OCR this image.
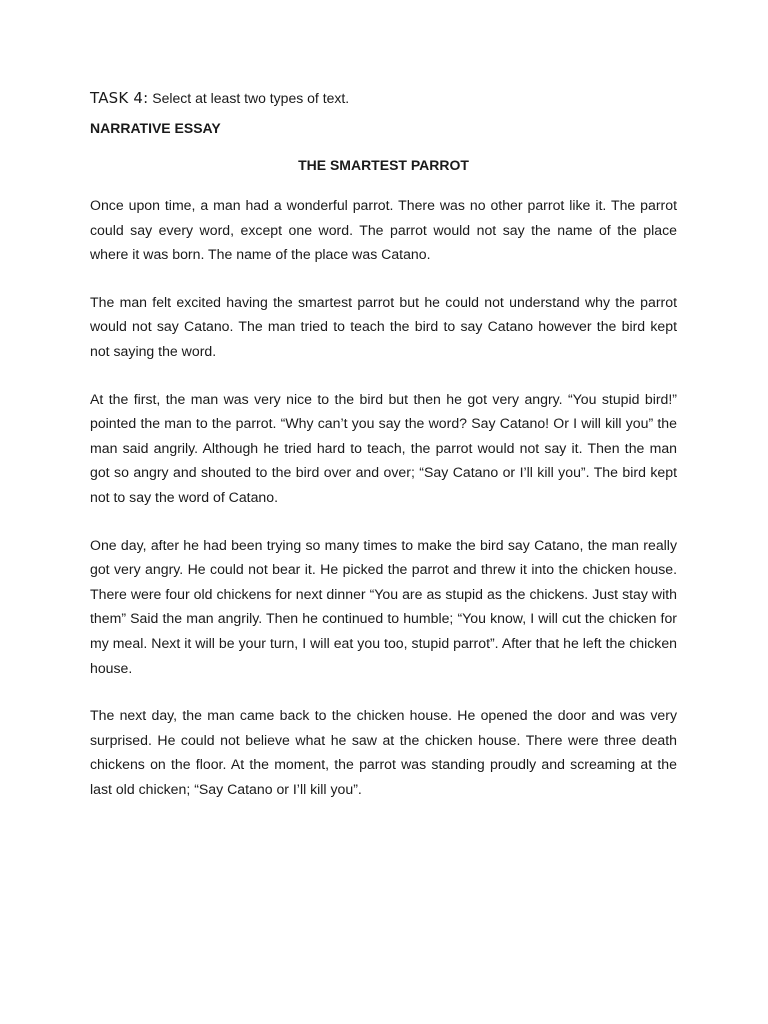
TASK 4: Select at least two types of text.

NARRATIVE ESSAY

THE SMARTEST PARROT

Once upon time, a man had a wonderful parrot. There was no other parrot like it. The parrot could say every word, except one word. The parrot would not say the name of the place where it was born. The name of the place was Catano.

The man felt excited having the smartest parrot but he could not understand why the parrot would not say Catano. The man tried to teach the bird to say Catano however the bird kept not saying the word.

At the first, the man was very nice to the bird but then he got very angry. “You stupid bird!” pointed the man to the parrot. “Why can’t you say the word? Say Catano! Or I will kill you” the man said angrily. Although he tried hard to teach, the parrot would not say it. Then the man got so angry and shouted to the bird over and over; “Say Catano or I’ll kill you”. The bird kept not to say the word of Catano.

One day, after he had been trying so many times to make the bird say Catano, the man really got very angry. He could not bear it. He picked the parrot and threw it into the chicken house. There were four old chickens for next dinner “You are as stupid as the chickens. Just stay with them” Said the man angrily. Then he continued to humble; “You know, I will cut the chicken for my meal. Next it will be your turn, I will eat you too, stupid parrot”. After that he left the chicken house.

The next day, the man came back to the chicken house. He opened the door and was very surprised. He could not believe what he saw at the chicken house. There were three death chickens on the floor. At the moment, the parrot was standing proudly and screaming at the last old chicken; “Say Catano or I’ll kill you”.
